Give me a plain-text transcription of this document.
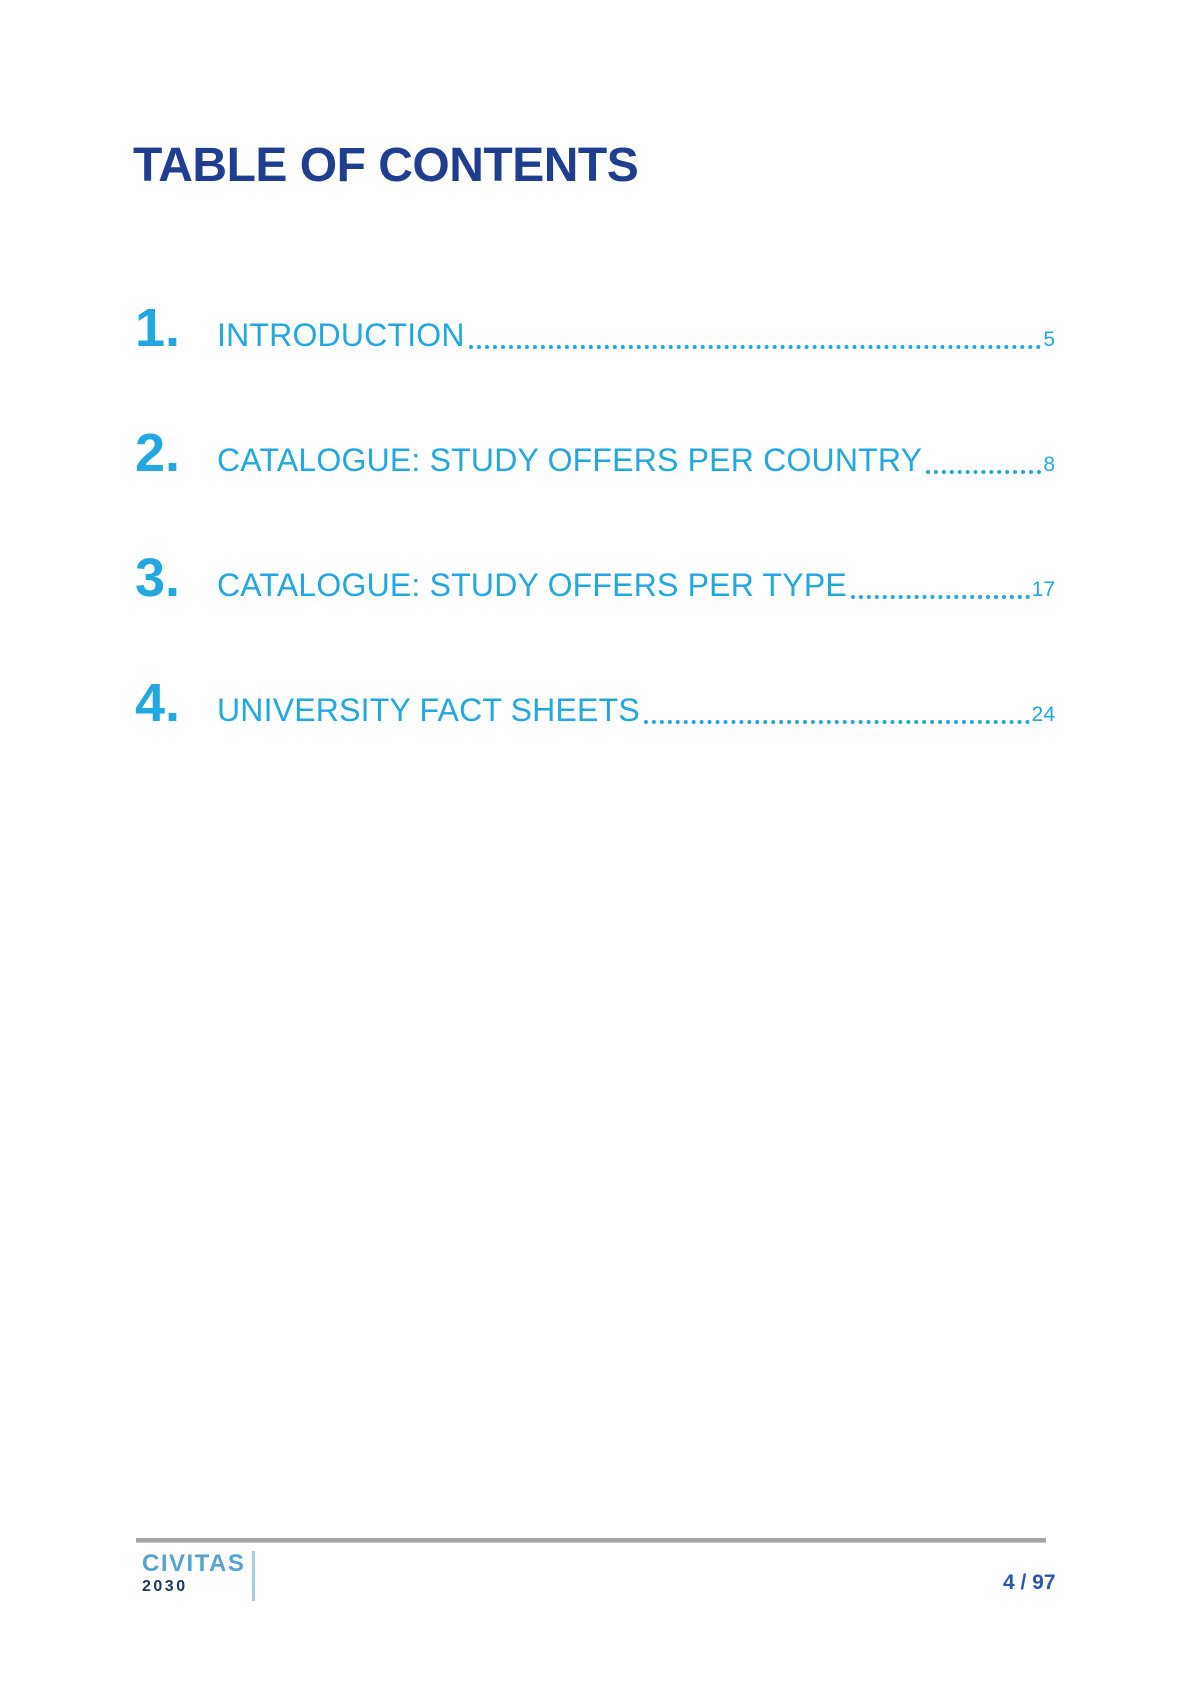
TABLE OF CONTENTS
1.	INTRODUCTION	5
2.	CATALOGUE: STUDY OFFERS PER COUNTRY	8
3.	CATALOGUE: STUDY OFFERS PER TYPE	17
4.	UNIVERSITY FACT SHEETS	24
CIVITAS
2030	4 / 97
